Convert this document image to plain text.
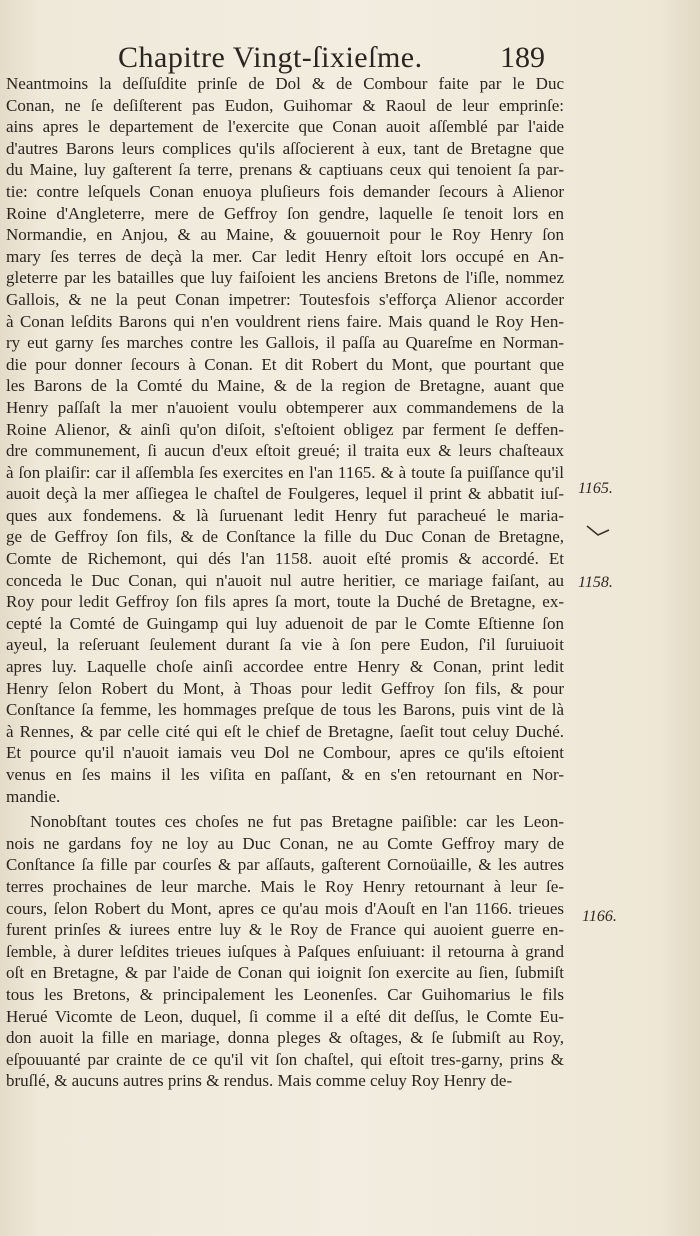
Chapitre Vingt-ſixieſme.	189
Neantmoins la deſſuſdite prinſe de Dol & de Combour faite par le Duc
Conan, ne ſe deſiſterent pas Eudon, Guihomar & Raoul de leur emprinſe:
ains apres le departement de l'exercite que Conan auoit aſſemblé par l'aide
d'autres Barons leurs complices qu'ils aſſocierent à eux, tant de Bretagne que
du Maine, luy gaſterent ſa terre, prenans & captiuans ceux qui tenoient ſa par-
tie: contre leſquels Conan enuoya pluſieurs fois demander ſecours à Alienor
Roine d'Angleterre, mere de Geffroy ſon gendre, laquelle ſe tenoit lors en
Normandie, en Anjou, & au Maine, & gouuernoit pour le Roy Henry ſon
mary ſes terres de deçà la mer. Car ledit Henry eſtoit lors occupé en An-
gleterre par les batailles que luy faiſoient les anciens Bretons de l'iſle, nommez
Gallois, & ne la peut Conan impetrer: Toutesfois s'efforça Alienor accorder
à Conan leſdits Barons qui n'en vouldrent riens faire. Mais quand le Roy Hen-
ry eut garny ſes marches contre les Gallois, il paſſa au Quareſme en Norman-
die pour donner ſecours à Conan. Et dit Robert du Mont, que pourtant que
les Barons de la Comté du Maine, & de la region de Bretagne, auant que
Henry paſſaſt la mer n'auoient voulu obtemperer aux commandemens de la
Roine Alienor, & ainſi qu'on diſoit, s'eſtoient obligez par ferment ſe deffen-
dre communement, ſi aucun d'eux eſtoit greué; il traita eux & leurs chaſteaux
à ſon plaiſir: car il aſſembla ſes exercites en l'an 1165. & à toute ſa puiſſance qu'il
auoit deçà la mer aſſiegea le chaſtel de Foulgeres, lequel il print & abbatit iuſ-
ques aux fondemens. & là ſuruenant ledit Henry fut paracheué le maria-
ge de Geffroy ſon fils, & de Conſtance la fille du Duc Conan de Bretagne,
Comte de Richemont, qui dés l'an 1158. auoit eſté promis & accordé. Et
conceda le Duc Conan, qui n'auoit nul autre heritier, ce mariage faiſant, au
Roy pour ledit Geffroy ſon fils apres ſa mort, toute la Duché de Bretagne, ex-
cepté la Comté de Guingamp qui luy aduenoit de par le Comte Eſtienne ſon
ayeul, la reſeruant ſeulement durant ſa vie à ſon pere Eudon, ſ'il ſuruiuoit
apres luy. Laquelle choſe ainſi accordee entre Henry & Conan, print ledit
Henry ſelon Robert du Mont, à Thoas pour ledit Geffroy ſon fils, & pour
Conſtance ſa femme, les hommages preſque de tous les Barons, puis vint de là
à Rennes, & par celle cité qui eſt le chief de Bretagne, ſaeſit tout celuy Duché.
Et pource qu'il n'auoit iamais veu Dol ne Combour, apres ce qu'ils eſtoient
venus en ſes mains il les viſita en paſſant, & en s'en retournant en Nor-
mandie.
Nonobſtant toutes ces choſes ne fut pas Bretagne paiſible: car les Leon-
nois ne gardans foy ne loy au Duc Conan, ne au Comte Geffroy mary de
Conſtance ſa fille par courſes & par aſſauts, gaſterent Cornoüaille, & les autres
terres prochaines de leur marche. Mais le Roy Henry retournant à leur ſe-
cours, ſelon Robert du Mont, apres ce qu'au mois d'Aouſt en l'an 1166. trieues
furent prinſes & iurees entre luy & le Roy de France qui auoient guerre en-
ſemble, à durer leſdites trieues iuſques à Paſques enſuiuant: il retourna à grand
oſt en Bretagne, & par l'aide de Conan qui ioignit ſon exercite au ſien, ſubmiſt
tous les Bretons, & principalement les Leonenſes. Car Guihomarius le fils
Herué Vicomte de Leon, duquel, ſi comme il a eſté dit deſſus, le Comte Eu-
don auoit la fille en mariage, donna pleges & oſtages, & ſe ſubmiſt au Roy,
eſpouuanté par crainte de ce qu'il vit ſon chaſtel, qui eſtoit tres-garny, prins &
bruſlé, & aucuns autres prins & rendus. Mais comme celuy Roy Henry de-
1165.
1158.
1166.
